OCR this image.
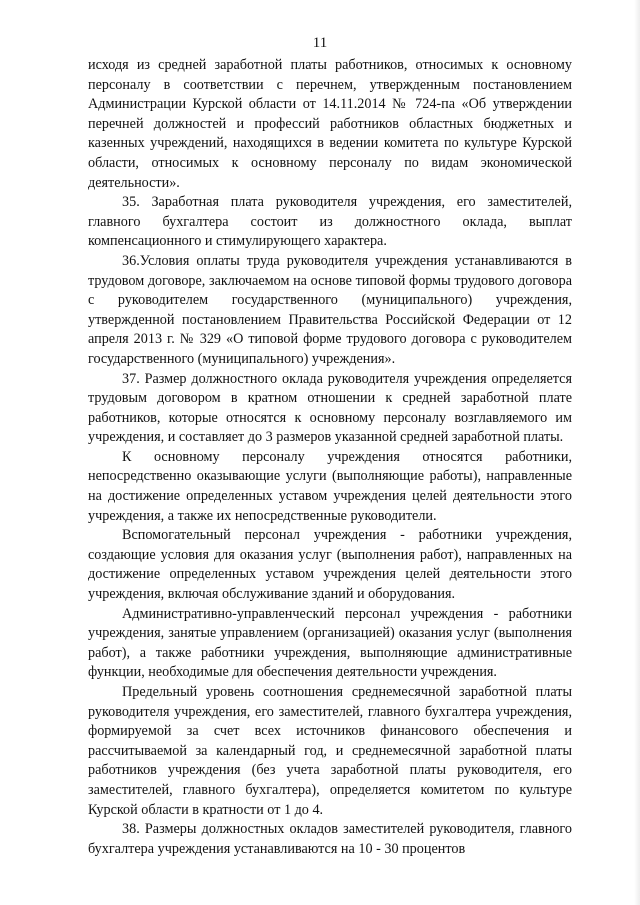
11

исходя из средней заработной платы работников, относимых к основному персоналу в соответствии с перечнем, утвержденным постановлением Администрации Курской области от 14.11.2014 № 724-па «Об утверждении перечней должностей и профессий работников областных бюджетных и казенных учреждений, находящихся в ведении комитета по культуре Курской области, относимых к основному персоналу по видам экономической деятельности».

35. Заработная плата руководителя учреждения, его заместителей, главного бухгалтера состоит из должностного оклада, выплат компенсационного и стимулирующего характера.

36.Условия оплаты труда руководителя учреждения устанавливаются в трудовом договоре, заключаемом на основе типовой формы трудового договора с руководителем государственного (муниципального) учреждения, утвержденной постановлением Правительства Российской Федерации от 12 апреля 2013 г. № 329 «О типовой форме трудового договора с руководителем государственного (муниципального) учреждения».

37. Размер должностного оклада руководителя учреждения определяется трудовым договором в кратном отношении к средней заработной плате работников, которые относятся к основному персоналу возглавляемого им учреждения, и составляет до 3 размеров указанной средней заработной платы.

К основному персоналу учреждения относятся работники, непосредственно оказывающие услуги (выполняющие работы), направленные на достижение определенных уставом учреждения целей деятельности этого учреждения, а также их непосредственные руководители.

Вспомогательный персонал учреждения - работники учреждения, создающие условия для оказания услуг (выполнения работ), направленных на достижение определенных уставом учреждения целей деятельности этого учреждения, включая обслуживание зданий и оборудования.

Административно-управленческий персонал учреждения - работники учреждения, занятые управлением (организацией) оказания услуг (выполнения работ), а также работники учреждения, выполняющие административные функции, необходимые для обеспечения деятельности учреждения.

Предельный уровень соотношения среднемесячной заработной платы руководителя учреждения, его заместителей, главного бухгалтера учреждения, формируемой за счет всех источников финансового обеспечения и рассчитываемой за календарный год, и среднемесячной заработной платы работников учреждения (без учета заработной платы руководителя, его заместителей, главного бухгалтера), определяется комитетом по культуре Курской области в кратности от 1 до 4.

38. Размеры должностных окладов заместителей руководителя, главного бухгалтера учреждения устанавливаются на 10 - 30 процентов
